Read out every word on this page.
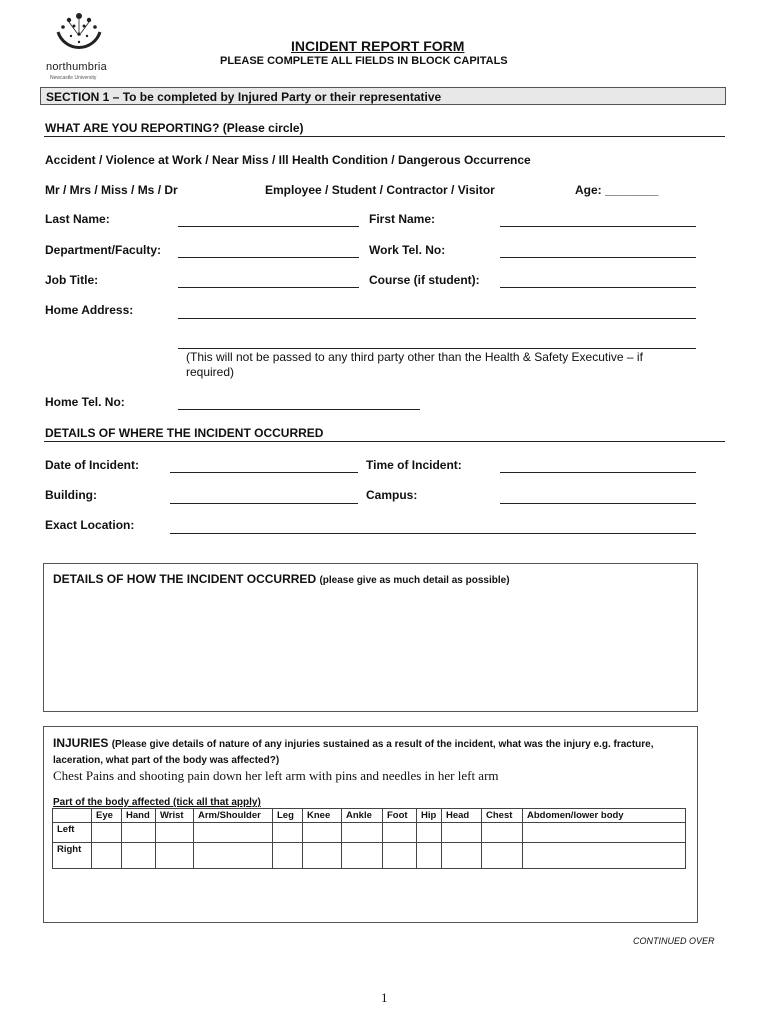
northumbria
Newcastle University
INCIDENT REPORT FORM
PLEASE COMPLETE ALL FIELDS IN BLOCK CAPITALS
SECTION 1 – To be completed by Injured Party or their representative
WHAT ARE YOU REPORTING? (Please circle)
Accident / Violence at Work / Near Miss / Ill Health Condition / Dangerous Occurrence
Mr / Mrs / Miss / Ms / Dr	Employee / Student / Contractor / Visitor	Age: ________
Last Name:	First Name:
Department/Faculty:	Work Tel. No:
Job Title:	Course (if student):
Home Address:
(This will not be passed to any third party other than the Health & Safety Executive – if required)
Home Tel. No:
DETAILS OF WHERE THE INCIDENT OCCURRED
Date of Incident:	Time of Incident:
Building:	Campus:
Exact Location:
DETAILS OF HOW THE INCIDENT OCCURRED (please give as much detail as possible)
INJURIES (Please give details of nature of any injuries sustained as a result of the incident, what was the injury e.g. fracture, laceration, what part of the body was affected?)
Chest Pains and shooting pain down her left arm with pins and needles in her left arm
Part of the body affected (tick all that apply)
	Eye	Hand	Wrist	Arm/Shoulder	Leg	Knee	Ankle	Foot	Hip	Head	Chest	Abdomen/lower body
Left												
Right												
CONTINUED OVER
1
